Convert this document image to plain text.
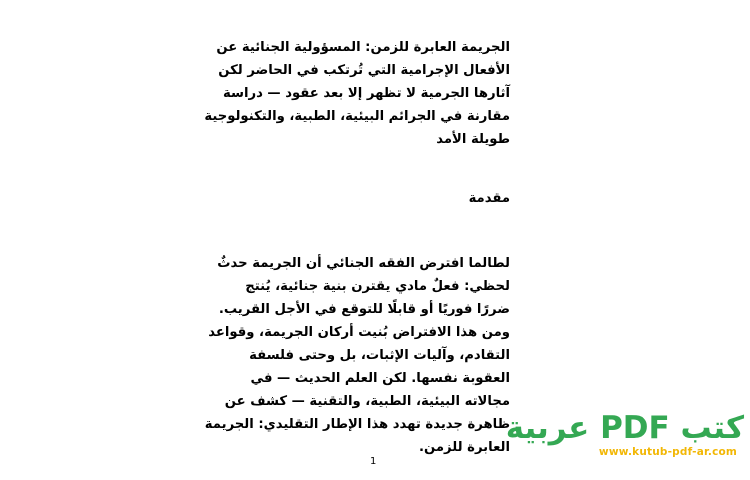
الجريمة العابرة للزمن: المسؤولية الجنائية عن
الأفعال الإجرامية التي تُرتكب في الحاضر لكن
آثارها الجرمية لا تظهر إلا بعد عقود — دراسة
مقارنة في الجرائم البيئية، الطبية، والتكنولوجية
طويلة الأمد
مقدمة
لطالما افترض الفقه الجنائي أن الجريمة حدثٌ
لحظي: فعلٌ مادي يقترن بنية جنائية، يُنتج
ضررًا فوريًا أو قابلًا للتوقع في الأجل القريب.
ومن هذا الافتراض بُنيت أركان الجريمة، وقواعد
التقادم، وآليات الإثبات، بل وحتى فلسفة
العقوبة نفسها. لكن العلم الحديث — في
مجالاته البيئية، الطبية، والتقنية — كشف عن
ظاهرة جديدة تهدد هذا الإطار التقليدي: الجريمة
العابرة للزمن.
1
كتب PDF عربية
www.kutub-pdf-ar.com
